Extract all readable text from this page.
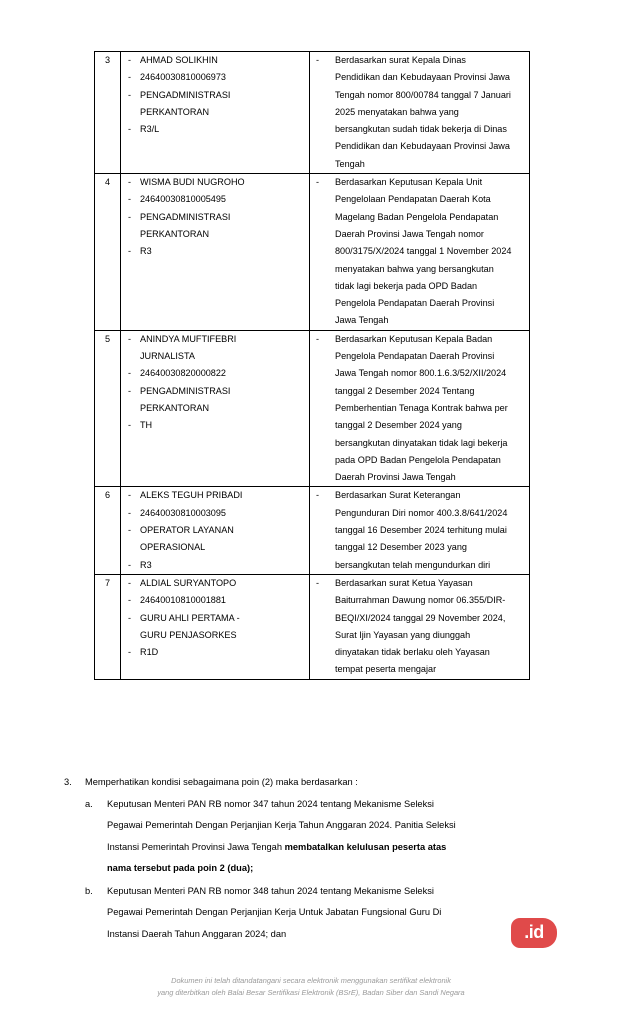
3	- AHMAD SOLIKHIN
- 24640030810006973
- PENGADMINISTRASI
PERKANTORAN
- R3/L

-	Berdasarkan surat Kepala Dinas
Pendidikan dan Kebudayaan Provinsi Jawa
Tengah nomor 800/00784 tanggal 7 Januari
2025 menyatakan bahwa yang
bersangkutan sudah tidak bekerja di Dinas
Pendidikan dan Kebudayaan Provinsi Jawa
Tengah

4	- WISMA BUDI NUGROHO
- 24640030810005495
- PENGADMINISTRASI
PERKANTORAN
- R3

-	Berdasarkan Keputusan Kepala Unit
Pengelolaan Pendapatan Daerah Kota
Magelang Badan Pengelola Pendapatan
Daerah Provinsi Jawa Tengah nomor
800/3175/X/2024 tanggal 1 November 2024
menyatakan bahwa yang bersangkutan
tidak lagi bekerja pada OPD Badan
Pengelola Pendapatan Daerah Provinsi
Jawa Tengah

5	- ANINDYA MUFTIFEBRI
JURNALISTA
- 24640030820000822
- PENGADMINISTRASI
PERKANTORAN
- TH

-	Berdasarkan Keputusan Kepala Badan
Pengelola Pendapatan Daerah Provinsi
Jawa Tengah nomor 800.1.6.3/52/XII/2024
tanggal 2 Desember 2024 Tentang
Pemberhentian Tenaga Kontrak bahwa per
tanggal 2 Desember 2024 yang
bersangkutan dinyatakan tidak lagi bekerja
pada OPD Badan Pengelola Pendapatan
Daerah Provinsi Jawa Tengah

6	- ALEKS TEGUH PRIBADI
- 24640030810003095
- OPERATOR LAYANAN
OPERASIONAL
- R3

-	Berdasarkan Surat Keterangan
Pengunduran Diri nomor 400.3.8/641/2024
tanggal 16 Desember 2024 terhitung mulai
tanggal 12 Desember 2023 yang
bersangkutan telah mengundurkan diri

7	- ALDIAL SURYANTOPO
- 24640010810001881
- GURU AHLI PERTAMA -
GURU PENJASORKES
- R1D

-	Berdasarkan surat Ketua Yayasan
Baiturrahman Dawung nomor 06.355/DIR-
BEQI/XI/2024 tanggal 29 November 2024,
Surat Ijin Yayasan yang diunggah
dinyatakan tidak berlaku oleh Yayasan
tempat peserta mengajar
3.	Memperhatikan kondisi sebagaimana poin (2) maka berdasarkan :
a.	Keputusan Menteri PAN RB nomor 347 tahun 2024 tentang Mekanisme Seleksi
Pegawai Pemerintah Dengan Perjanjian Kerja Tahun Anggaran 2024. Panitia Seleksi
Instansi Pemerintah Provinsi Jawa Tengah membatalkan kelulusan peserta atas
nama tersebut pada poin 2 (dua);
b.	Keputusan Menteri PAN RB nomor 348 tahun 2024 tentang Mekanisme Seleksi
Pegawai Pemerintah Dengan Perjanjian Kerja Untuk Jabatan Fungsional Guru Di
Instansi Daerah Tahun Anggaran 2024; dan	.id
Dokumen ini telah ditandatangani secara elektronik menggunakan sertifikat elektronik
yang diterbitkan oleh Balai Besar Sertifikasi Elektronik (BSrE), Badan Siber dan Sandi Negara
